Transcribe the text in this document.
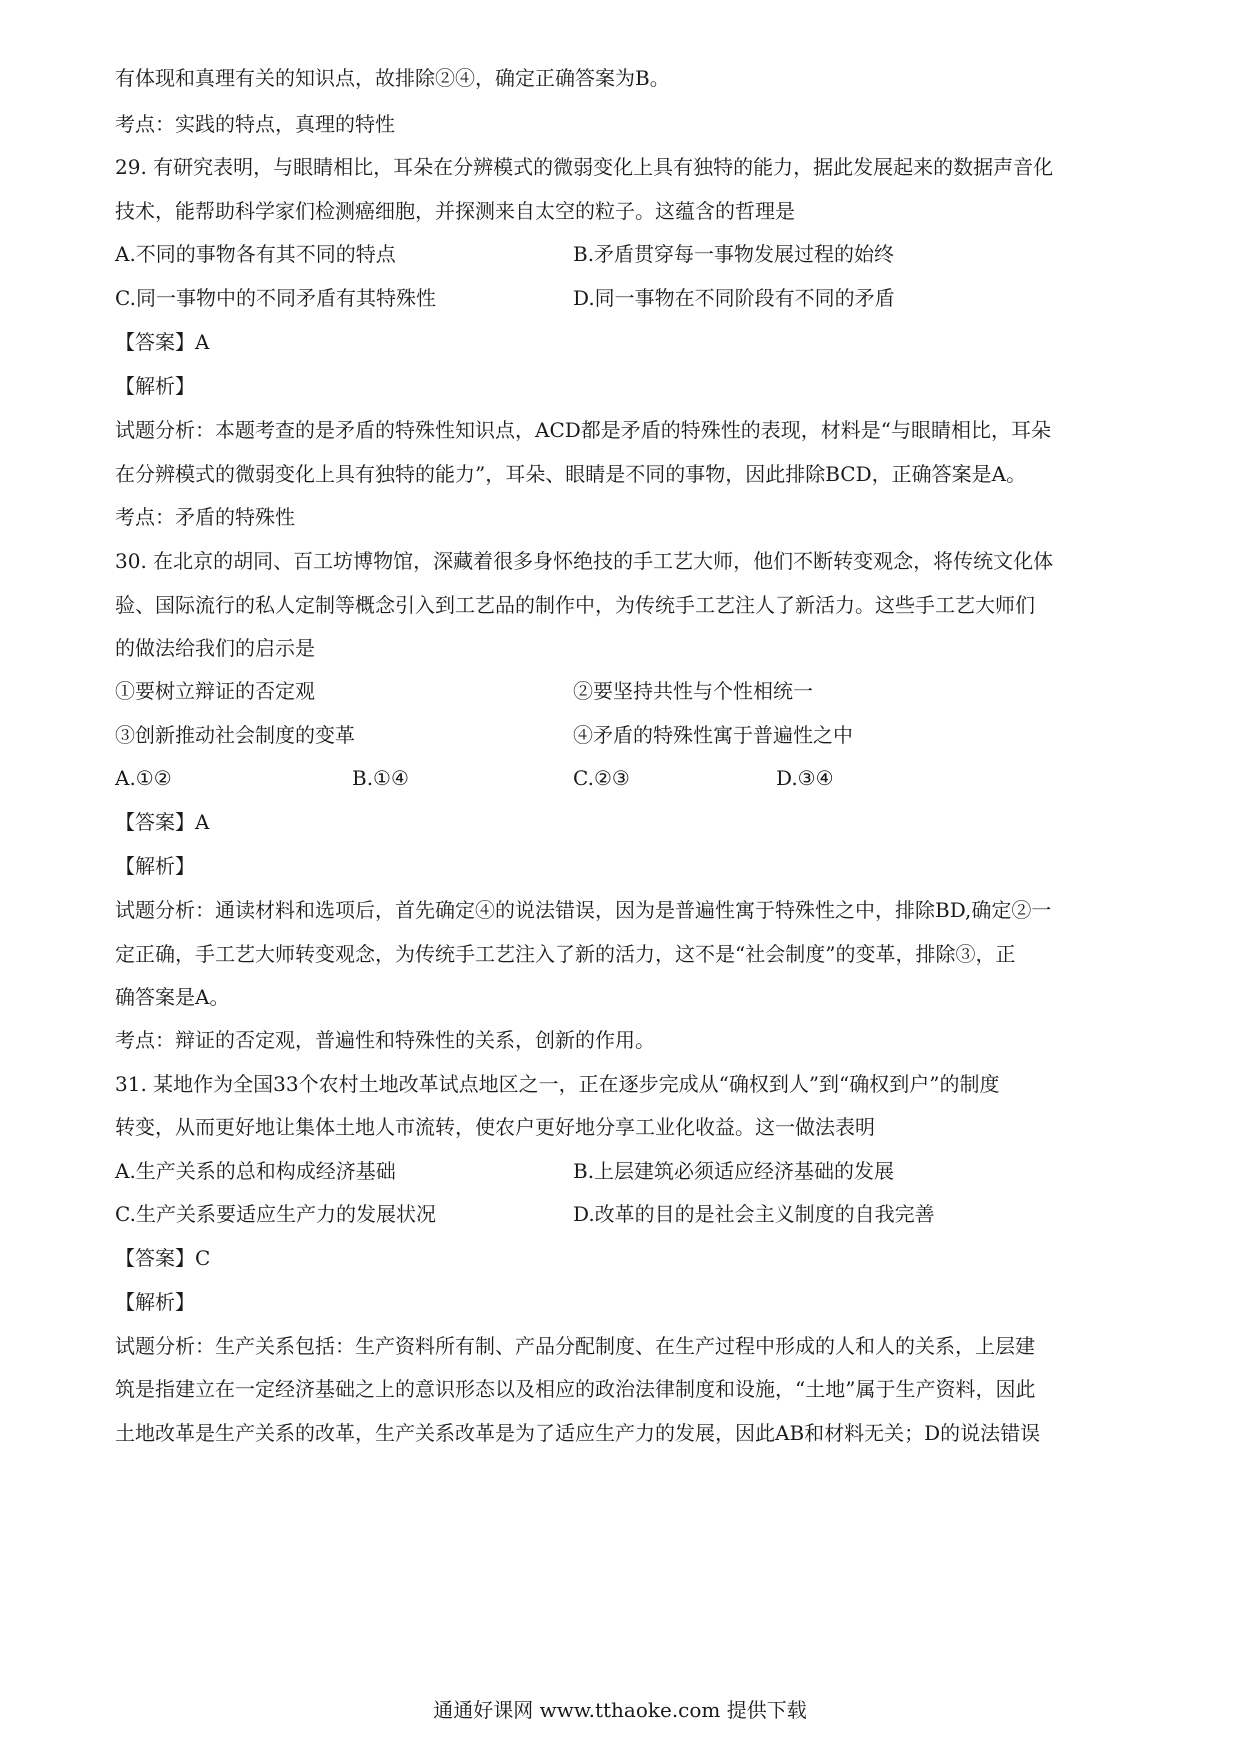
有体现和真理有关的知识点，故排除②④，确定正确答案为B。
考点：实践的特点，真理的特性
29. 有研究表明，与眼睛相比，耳朵在分辨模式的微弱变化上具有独特的能力，据此发展起来的数据声音化
技术，能帮助科学家们检测癌细胞，并探测来自太空的粒子。这蕴含的哲理是
A.不同的事物各有其不同的特点	B.矛盾贯穿每一事物发展过程的始终
C.同一事物中的不同矛盾有其特殊性	D.同一事物在不同阶段有不同的矛盾
【答案】A
【解析】
试题分析：本题考查的是矛盾的特殊性知识点，ACD都是矛盾的特殊性的表现，材料是“与眼睛相比，耳朵
在分辨模式的微弱变化上具有独特的能力”，耳朵、眼睛是不同的事物，因此排除BCD，正确答案是A。
考点：矛盾的特殊性
30. 在北京的胡同、百工坊博物馆，深藏着很多身怀绝技的手工艺大师，他们不断转变观念，将传统文化体
验、国际流行的私人定制等概念引入到工艺品的制作中，为传统手工艺注人了新活力。这些手工艺大师们
的做法给我们的启示是
①要树立辩证的否定观	②要坚持共性与个性相统一
③创新推动社会制度的变革	④矛盾的特殊性寓于普遍性之中
A.①②	B.①④	C.②③	D.③④
【答案】A
【解析】
试题分析：通读材料和选项后，首先确定④的说法错误，因为是普遍性寓于特殊性之中，排除BD,确定②一
定正确，手工艺大师转变观念，为传统手工艺注入了新的活力，这不是“社会制度”的变革，排除③，正
确答案是A。
考点：辩证的否定观，普遍性和特殊性的关系，创新的作用。
31. 某地作为全国33个农村土地改革试点地区之一，正在逐步完成从“确权到人”到“确权到户”的制度
转变，从而更好地让集体土地人市流转，使农户更好地分享工业化收益。这一做法表明
A.生产关系的总和构成经济基础	B.上层建筑必须适应经济基础的发展
C.生产关系要适应生产力的发展状况	D.改革的目的是社会主义制度的自我完善
【答案】C
【解析】
试题分析：生产关系包括：生产资料所有制、产品分配制度、在生产过程中形成的人和人的关系，上层建
筑是指建立在一定经济基础之上的意识形态以及相应的政治法律制度和设施，“土地”属于生产资料，因此
土地改革是生产关系的改革，生产关系改革是为了适应生产力的发展，因此AB和材料无关；D的说法错误
通通好课网 www.tthaoke.com 提供下载
